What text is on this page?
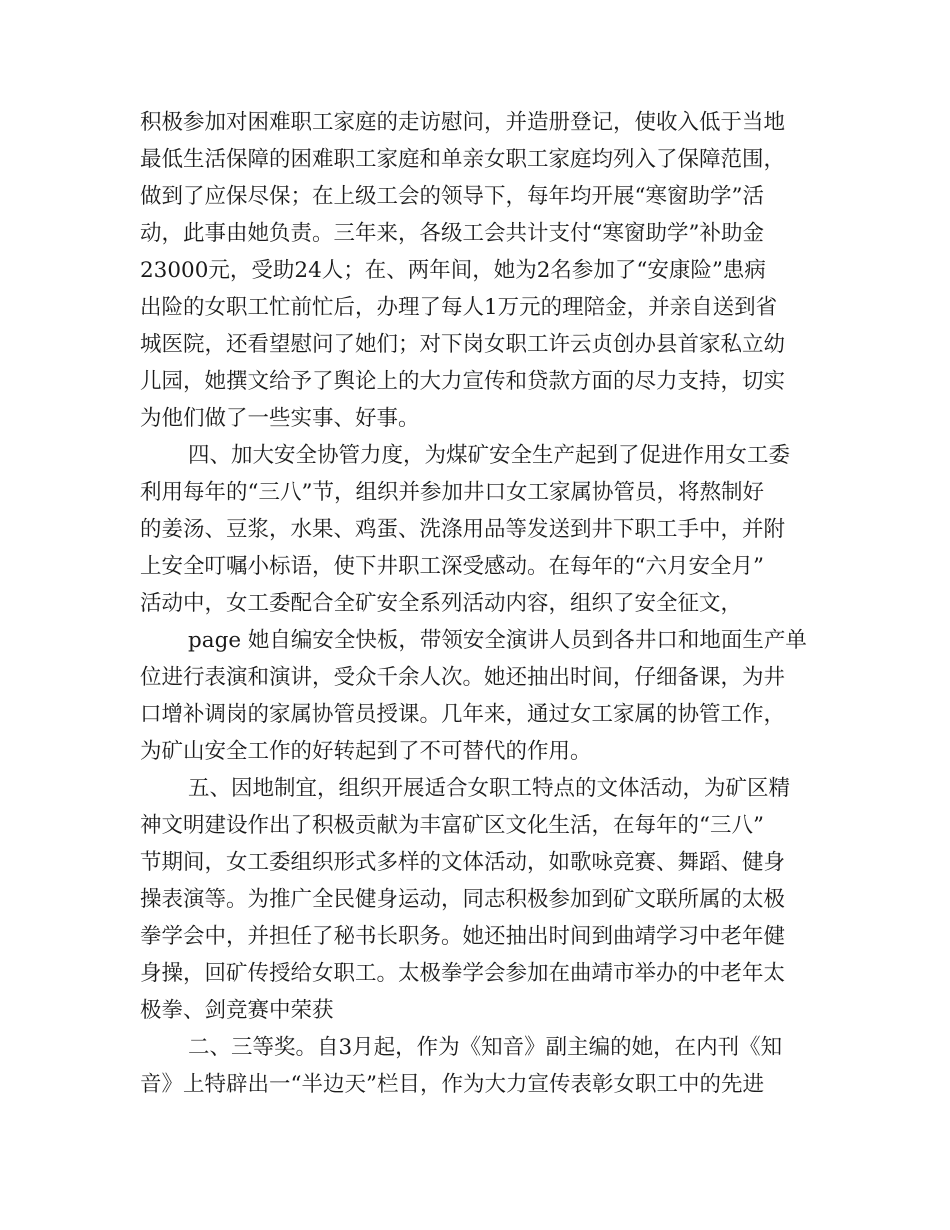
积极参加对困难职工家庭的走访慰问，并造册登记，使收入低于当地
最低生活保障的困难职工家庭和单亲女职工家庭均列入了保障范围，
做到了应保尽保；在上级工会的领导下，每年均开展“寒窗助学”活
动，此事由她负责。三年来，各级工会共计支付“寒窗助学”补助金
23000元，受助24人；在、两年间，她为2名参加了“安康险”患病
出险的女职工忙前忙后，办理了每人1万元的理陪金，并亲自送到省
城医院，还看望慰问了她们；对下岗女职工许云贞创办县首家私立幼
儿园，她撰文给予了舆论上的大力宣传和贷款方面的尽力支持，切实
为他们做了一些实事、好事。
四、加大安全协管力度，为煤矿安全生产起到了促进作用女工委
利用每年的“三八”节，组织并参加井口女工家属协管员，将熬制好
的姜汤、豆浆，水果、鸡蛋、洗涤用品等发送到井下职工手中，并附
上安全叮嘱小标语，使下井职工深受感动。在每年的“六月安全月”
活动中，女工委配合全矿安全系列活动内容，组织了安全征文，
page 她自编安全快板，带领安全演讲人员到各井口和地面生产单
位进行表演和演讲，受众千余人次。她还抽出时间，仔细备课，为井
口增补调岗的家属协管员授课。几年来，通过女工家属的协管工作，
为矿山安全工作的好转起到了不可替代的作用。
五、因地制宜，组织开展适合女职工特点的文体活动，为矿区精
神文明建设作出了积极贡献为丰富矿区文化生活，在每年的“三八”
节期间，女工委组织形式多样的文体活动，如歌咏竞赛、舞蹈、健身
操表演等。为推广全民健身运动，同志积极参加到矿文联所属的太极
拳学会中，并担任了秘书长职务。她还抽出时间到曲靖学习中老年健
身操，回矿传授给女职工。太极拳学会参加在曲靖市举办的中老年太
极拳、剑竞赛中荣获
二、三等奖。自3月起，作为《知音》副主编的她，在内刊《知
音》上特辟出一“半边天”栏目，作为大力宣传表彰女职工中的先进
